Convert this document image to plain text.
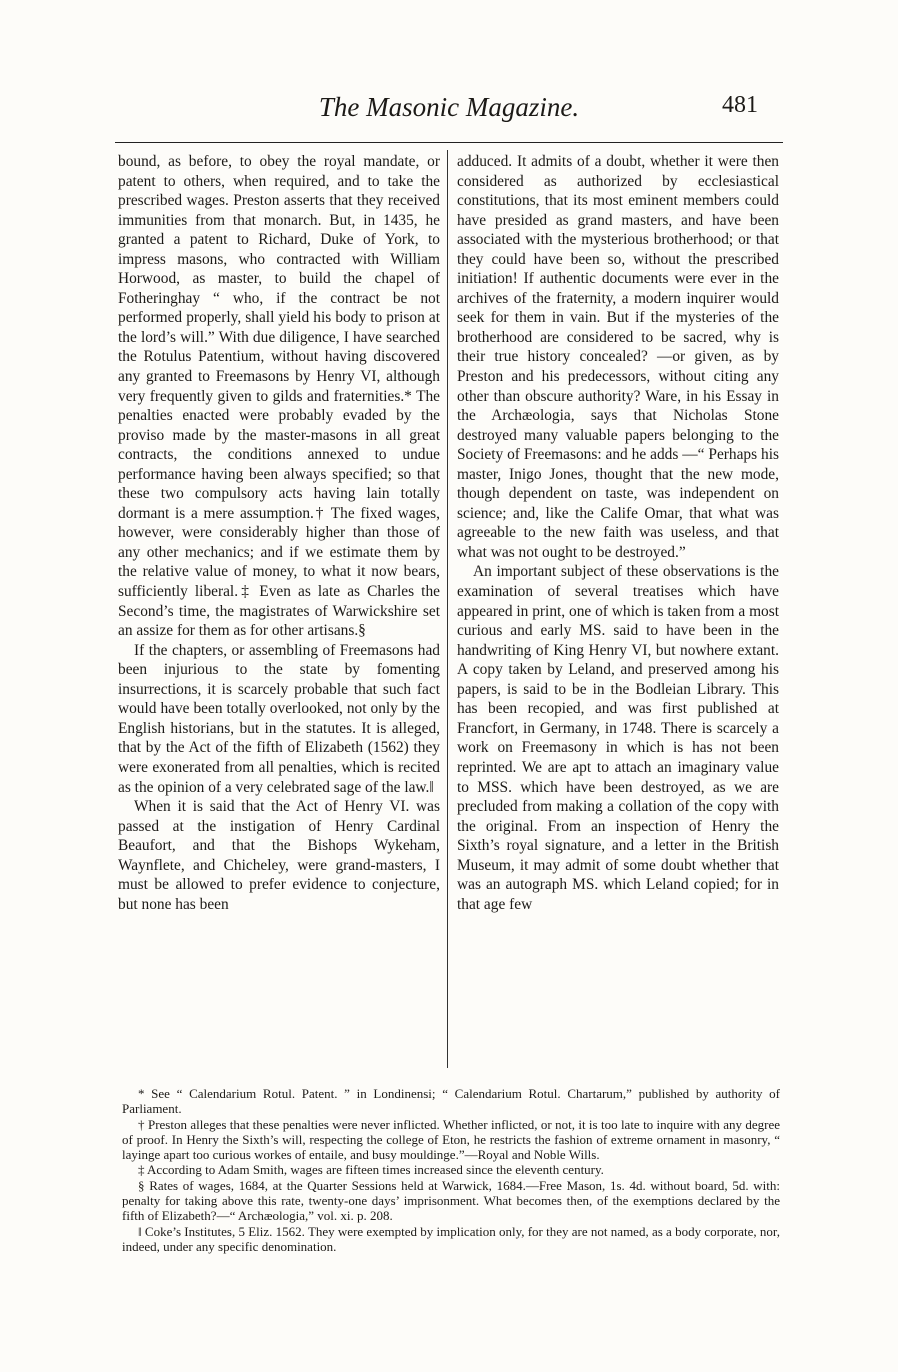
The Masonic Magazine.	481

bound, as before, to obey the royal mandate, or patent to others, when required, and to take the prescribed wages. Preston asserts that they received immunities from that monarch. But, in 1435, he granted a patent to Richard, Duke of York, to impress masons, who contracted with William Horwood, as master, to build the chapel of Fotheringhay “ who, if the contract be not performed properly, shall yield his body to prison at the lord’s will.” With due diligence, I have searched the Rotulus Patentium, without having discovered any granted to Freemasons by Henry VI, although very frequently given to gilds and fraternities.* The penalties enacted were probably evaded by the proviso made by the master-masons in all great contracts, the conditions annexed to undue performance having been always specified; so that these two compulsory acts having lain totally dormant is a mere assumption.† The fixed wages, however, were considerably higher than those of any other mechanics; and if we estimate them by the relative value of money, to what it now bears, sufficiently liberal.‡ Even as late as Charles the Second’s time, the magistrates of Warwickshire set an assize for them as for other artisans.§

If the chapters, or assembling of Freemasons had been injurious to the state by fomenting insurrections, it is scarcely probable that such fact would have been totally overlooked, not only by the English historians, but in the statutes. It is alleged, that by the Act of the fifth of Elizabeth (1562) they were exonerated from all penalties, which is recited as the opinion of a very celebrated sage of the law.‖

When it is said that the Act of Henry VI. was passed at the instigation of Henry Cardinal Beaufort, and that the Bishops Wykeham, Waynflete, and Chicheley, were grand-masters, I must be allowed to prefer evidence to conjecture, but none has been

adduced. It admits of a doubt, whether it were then considered as authorized by ecclesiastical constitutions, that its most eminent members could have presided as grand masters, and have been associated with the mysterious brotherhood; or that they could have been so, without the prescribed initiation! If authentic documents were ever in the archives of the fraternity, a modern inquirer would seek for them in vain. But if the mysteries of the brotherhood are considered to be sacred, why is their true history concealed? —or given, as by Preston and his predecessors, without citing any other than obscure authority? Ware, in his Essay in the Archæologia, says that Nicholas Stone destroyed many valuable papers belonging to the Society of Freemasons: and he adds —“ Perhaps his master, Inigo Jones, thought that the new mode, though dependent on taste, was independent on science; and, like the Calife Omar, that what was agreeable to the new faith was useless, and that what was not ought to be destroyed.”

An important subject of these observations is the examination of several treatises which have appeared in print, one of which is taken from a most curious and early MS. said to have been in the handwriting of King Henry VI, but nowhere extant. A copy taken by Leland, and preserved among his papers, is said to be in the Bodleian Library. This has been recopied, and was first published at Francfort, in Germany, in 1748. There is scarcely a work on Freemasony in which is has not been reprinted. We are apt to attach an imaginary value to MSS. which have been destroyed, as we are precluded from making a collation of the copy with the original. From an inspection of Henry the Sixth’s royal signature, and a letter in the British Museum, it may admit of some doubt whether that was an autograph MS. which Leland copied; for in that age few

* See “ Calendarium Rotul. Patent. ” in Londinensi; “ Calendarium Rotul. Chartarum,” published by authority of Parliament.

† Preston alleges that these penalties were never inflicted. Whether inflicted, or not, it is too late to inquire with any degree of proof. In Henry the Sixth’s will, respecting the college of Eton, he restricts the fashion of extreme ornament in masonry, “ layinge apart too curious workes of entaile, and busy mouldinge.”—Royal and Noble Wills.

‡ According to Adam Smith, wages are fifteen times increased since the eleventh century.

§ Rates of wages, 1684, at the Quarter Sessions held at Warwick, 1684.—Free Mason, 1s. 4d. without board, 5d. with: penalty for taking above this rate, twenty-one days’ imprisonment. What becomes then, of the exemptions declared by the fifth of Elizabeth?—“ Archæologia,” vol. xi. p. 208.

‖ Coke’s Institutes, 5 Eliz. 1562. They were exempted by implication only, for they are not named, as a body corporate, nor, indeed, under any specific denomination.
